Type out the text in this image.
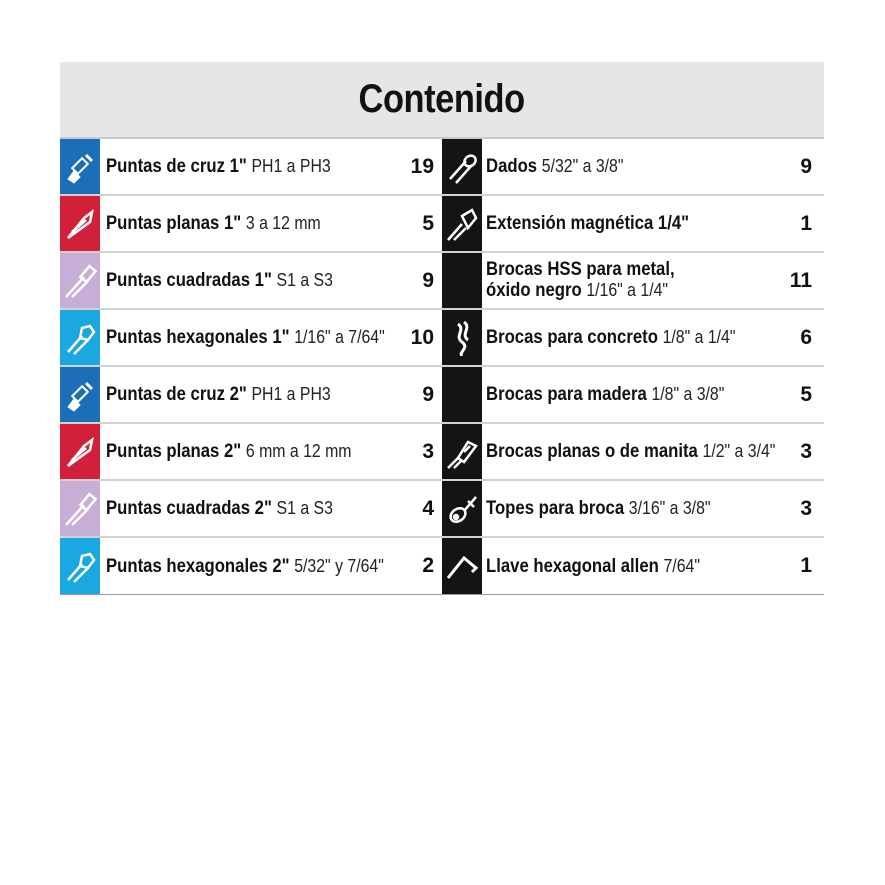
Contenido
Puntas de cruz 1" PH1 a PH3	19
Puntas planas 1" 3 a 12 mm	5
Puntas cuadradas 1" S1 a S3	9
Puntas hexagonales 1" 1/16" a 7/64"	10
Puntas de cruz 2" PH1 a PH3	9
Puntas planas 2" 6 mm a 12 mm	3
Puntas cuadradas 2" S1 a S3	4
Puntas hexagonales 2" 5/32" y 7/64"	2
Dados 5/32" a 3/8"	9
Extensión magnética 1/4"	1
Brocas HSS para metal,
óxido negro 1/16" a 1/4"	11
Brocas para concreto 1/8" a 1/4"	6
Brocas para madera 1/8" a 3/8"	5
Brocas planas o de manita 1/2" a 3/4"	3
Topes para broca 3/16" a 3/8"	3
Llave hexagonal allen 7/64"	1
